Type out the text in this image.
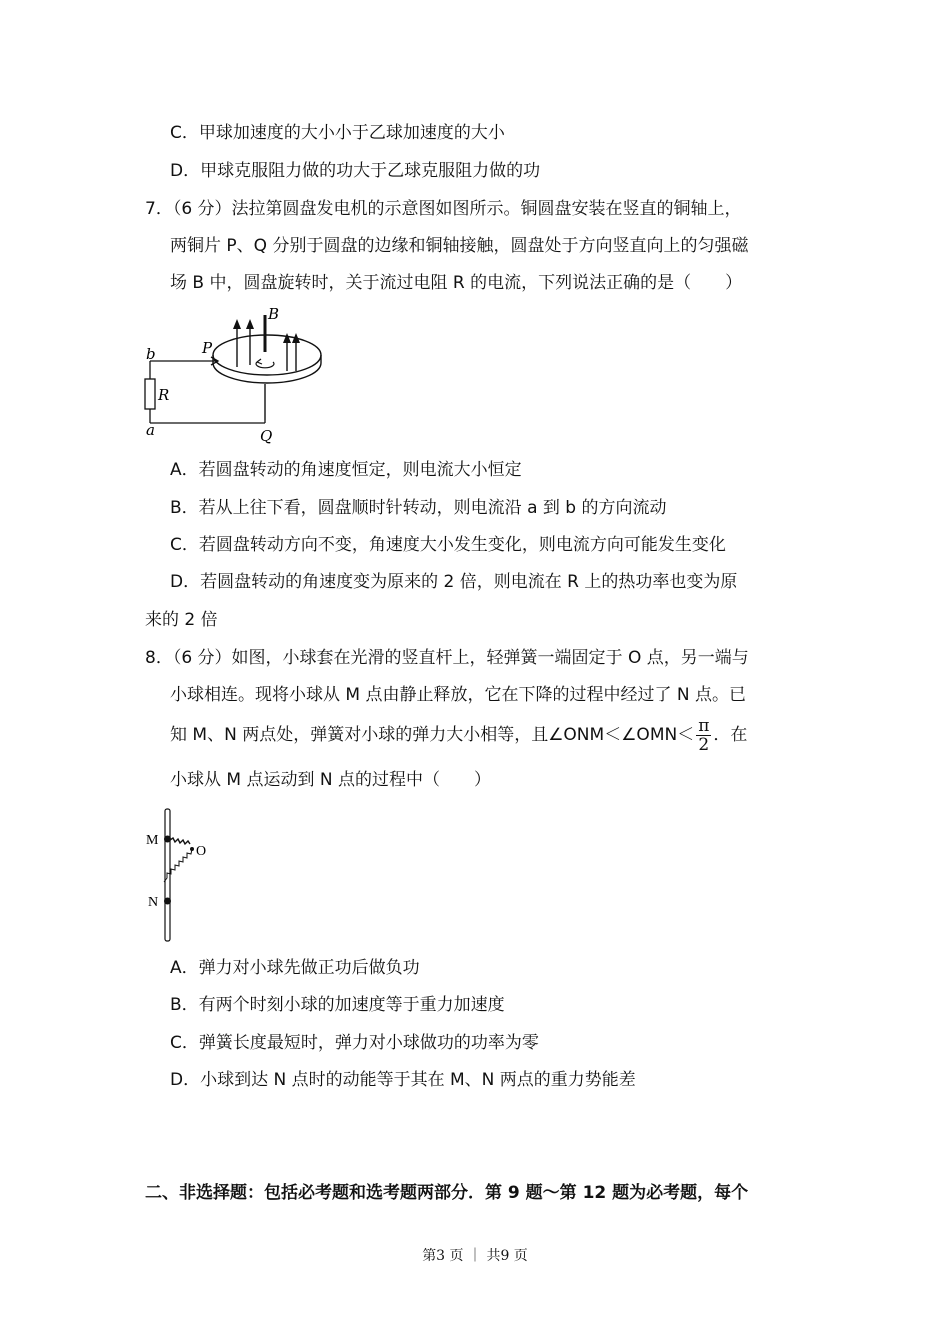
C．甲球加速度的大小小于乙球加速度的大小
D．甲球克服阻力做的功大于乙球克服阻力做的功
7．（6 分）法拉第圆盘发电机的示意图如图所示。铜圆盘安装在竖直的铜轴上，
两铜片 P、Q 分别于圆盘的边缘和铜轴接触，圆盘处于方向竖直向上的匀强磁
场 B 中，圆盘旋转时，关于流过电阻 R 的电流，下列说法正确的是（　　）
b	P
B
R
a	Q
A．若圆盘转动的角速度恒定，则电流大小恒定
B．若从上往下看，圆盘顺时针转动，则电流沿 a 到 b 的方向流动
C．若圆盘转动方向不变，角速度大小发生变化，则电流方向可能发生变化
D．若圆盘转动的角速度变为原来的 2 倍，则电流在 R 上的热功率也变为原
来的 2 倍
8．（6 分）如图，小球套在光滑的竖直杆上，轻弹簧一端固定于 O 点，另一端与
小球相连。现将小球从 M 点由静止释放，它在下降的过程中经过了 N 点。已
知 M、N 两点处，弹簧对小球的弹力大小相等，且∠ONM＜∠OMN＜ $\frac{\pi}{2}$ ．在
小球从 M 点运动到 N 点的过程中（　　）
M
O
N
A．弹力对小球先做正功后做负功
B．有两个时刻小球的加速度等于重力加速度
C．弹簧长度最短时，弹力对小球做功的功率为零
D．小球到达 N 点时的动能等于其在 M、N 两点的重力势能差
二、非选择题：包括必考题和选考题两部分．第 9 题～第 12 题为必考题，每个
第3 页 ｜ 共9 页
